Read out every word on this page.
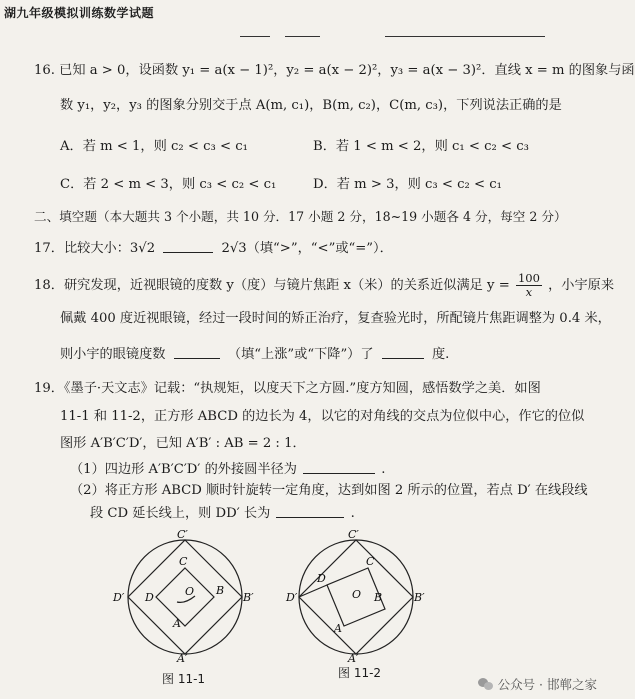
湖九年级模拟训练数学试题
16. 已知 a > 0，设函数 y₁ = a(x − 1)²，y₂ = a(x − 2)²，y₃ = a(x − 3)²．直线 x = m 的图象与函
数 y₁，y₂，y₃ 的图象分别交于点 A(m, c₁)，B(m, c₂)，C(m, c₃)，下列说法正确的是
A．若 m < 1，则 c₂ < c₃ < c₁	B．若 1 < m < 2，则 c₁ < c₂ < c₃
C．若 2 < m < 3，则 c₃ < c₂ < c₁	D．若 m > 3，则 c₃ < c₂ < c₁
二、填空题（本大题共 3 个小题，共 10 分．17 小题 2 分，18~19 小题各 4 分，每空 2 分）
17．比较大小：3√2	2√3（填“>”，“<”或“=”）．
18．研究发现，近视眼镜的度数 y（度）与镜片焦距 x（米）的关系近似满足 $y = \frac{100}{x}$ ，小宇原来
佩戴 400 度近视眼镜，经过一段时间的矫正治疗，复查验光时，所配镜片焦距调整为 0.4 米，
则小宇的眼镜度数	（填“上涨”或“下降”）了	度.
19．《墨子·天文志》记载：“执规矩，以度天下之方圆.”度方知圆，感悟数学之美．如图
11-1 和 11-2，正方形 ABCD 的边长为 4，以它的对角线的交点为位似中心，作它的位似
图形 A′B′C′D′，已知 A′B′ : AB = 2 : 1．
（1）四边形 A′B′C′D′ 的外接圆半径为	.
（2）将正方形 ABCD 顺时针旋转一定角度，达到如图 2 所示的位置，若点 D′ 在线段线
段 CD 延长线上，则 DD′ 长为	.
C′
D′	B′
A′
C
D
B
A
O
图 11-1
C′
D′	B′
A′
C
D
B
A
O
图 11-2
公众号 · 邯郸之家
